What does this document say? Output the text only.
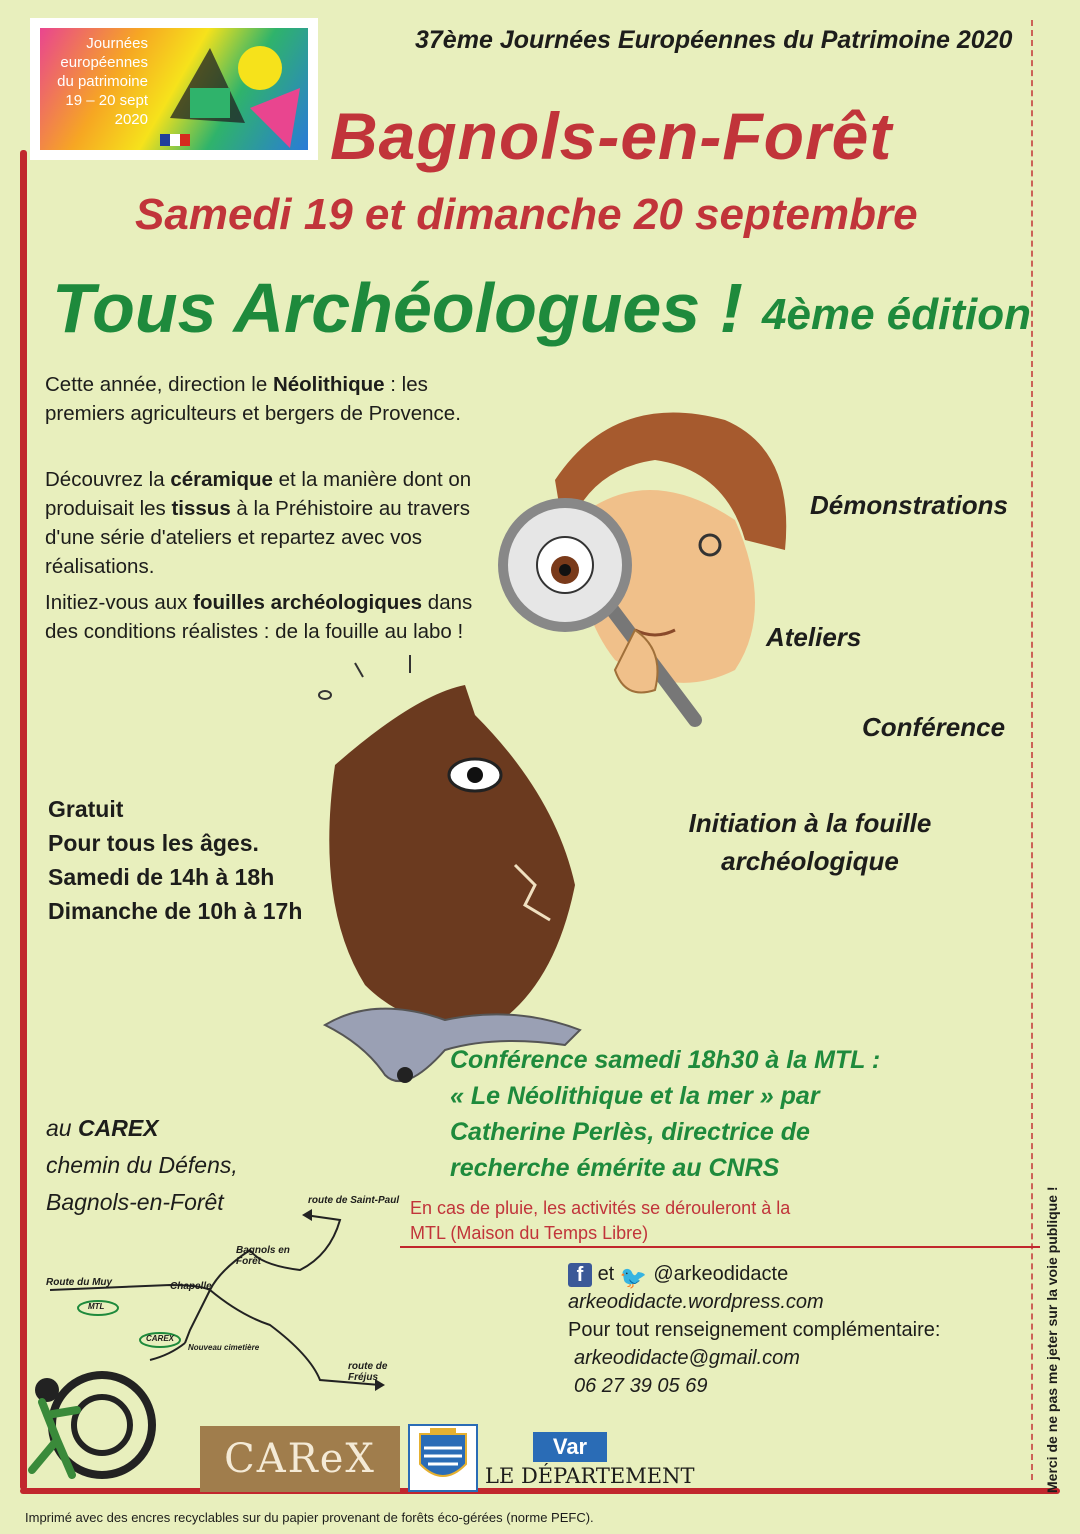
Journées
européennes
du patrimoine
19 – 20 sept
2020
37ème Journées Européennes du Patrimoine 2020
Bagnols-en-Forêt
Samedi 19 et dimanche 20 septembre
Tous Archéologues ! 4ème édition
Cette année, direction le Néolithique : les premiers agriculteurs et bergers de Provence.
Découvrez la céramique et la manière dont on produisait les tissus à la Préhistoire au travers d'une série d'ateliers et repartez avec vos réalisations.
Initiez-vous aux fouilles archéologiques dans des conditions réalistes : de la fouille au labo !
Démonstrations
Ateliers
Conférence
Initiation à la fouille archéologique
Gratuit
Pour tous les âges.
Samedi de 14h à 18h
Dimanche de 10h à 17h
Conférence samedi 18h30 à la MTL :
« Le Néolithique et la mer » par
Catherine Perlès, directrice de
recherche émérite au CNRS
au CAREX
chemin du Défens,
Bagnols-en-Forêt	En cas de pluie, les activités se dérouleront à la MTL (Maison du Temps Libre)
route de Saint-Paul
Bagnols en Forêt
Route du Muy	Chapelle
MTL
CAREX
Nouveau cimetière
route de Fréjus
f et 🐦 @arkeodidacte
arkeodidacte.wordpress.com
Pour tout renseignement complémentaire:
arkeodidacte@gmail.com
06 27 39 05 69
CARеX	Var
LE DÉPARTEMENT	Merci de ne pas me jeter sur la voie publique !
Imprimé avec des encres recyclables sur du papier provenant de forêts éco-gérées (norme PEFC).
